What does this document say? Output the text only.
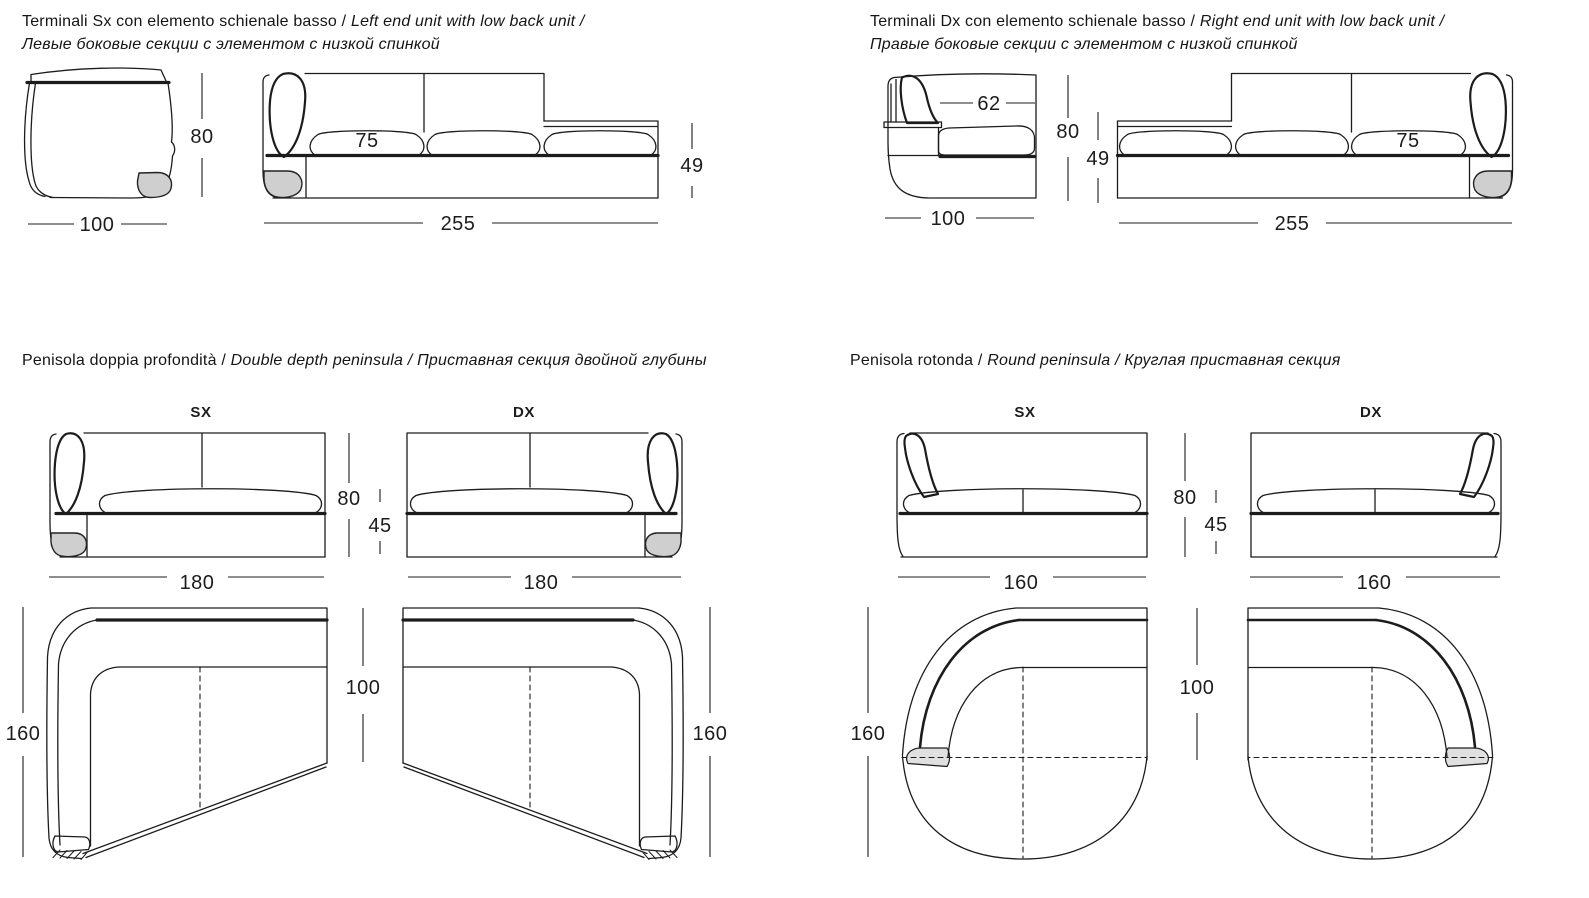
Terminali Sx con elemento schienale basso / Left end unit with low back unit /
Левые боковые секции с элементом с низкой спинкой
Terminali Dx con elemento schienale basso / Right end unit with low back unit /
Правые боковые секции с элементом с низкой спинкой
Penisola doppia profondità / Double depth peninsula / Приставная секция двойной глубины	Penisola rotonda / Round peninsula / Круглая приставная секция
80
100
75
49
255
62
80
49
100
75
255
SX	DX
80
45
180	180
160
100
160
SX	DX
80
45
160	160
160
100
